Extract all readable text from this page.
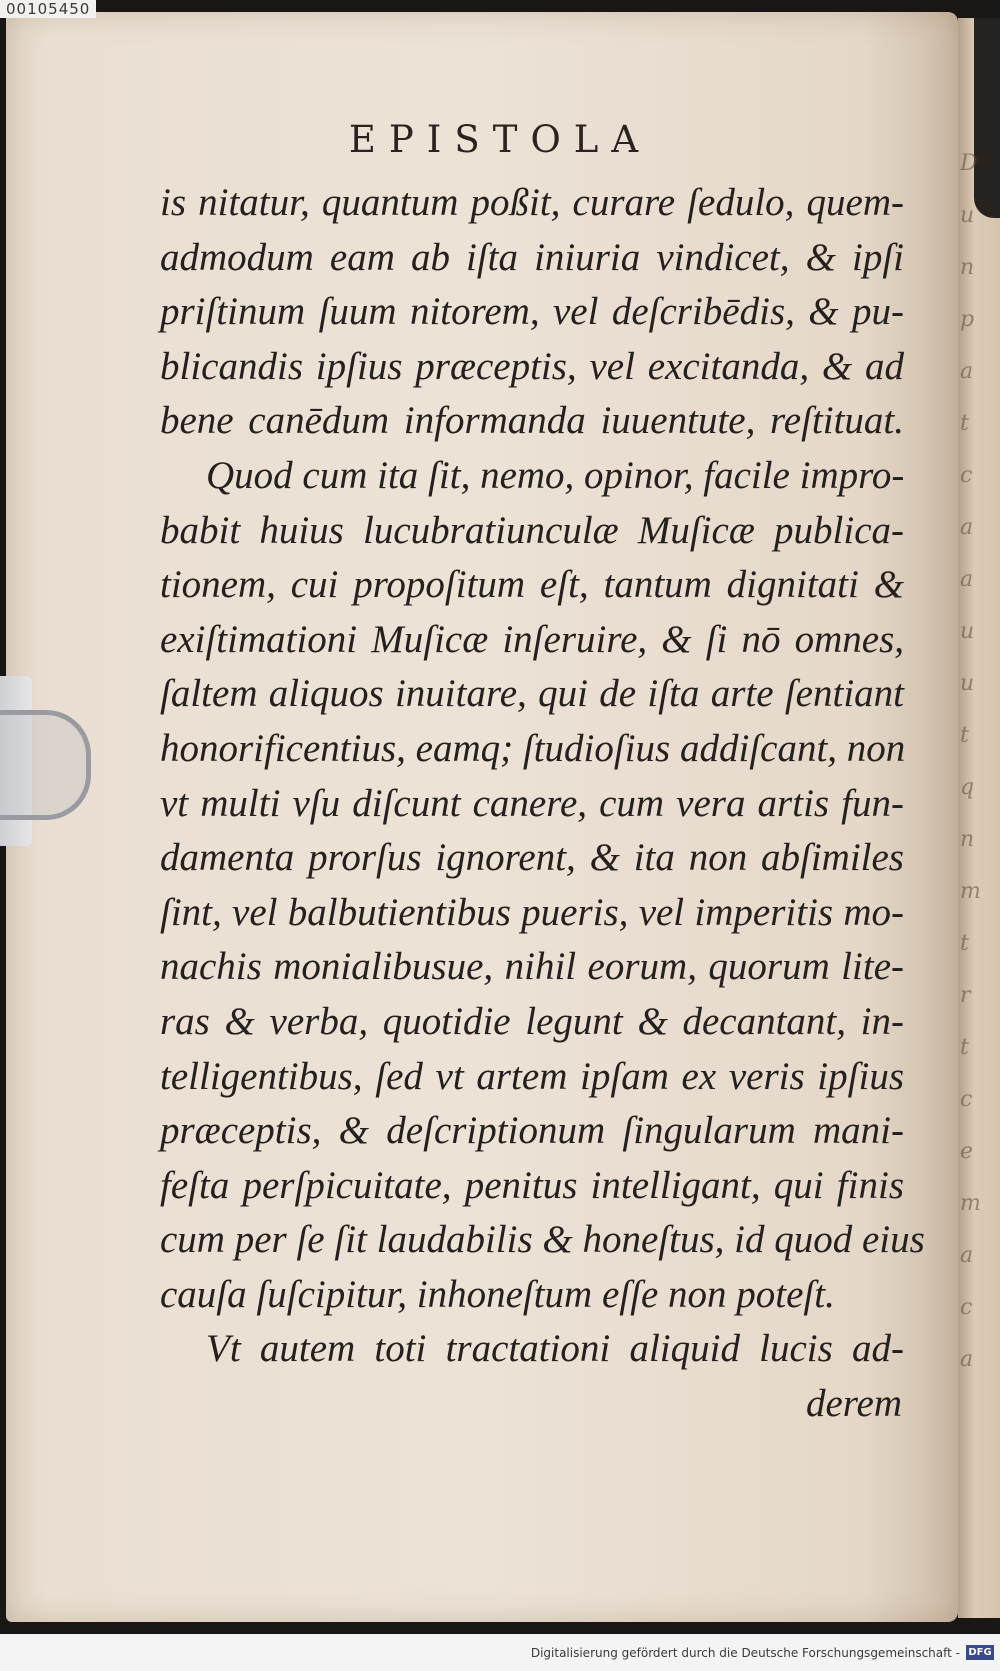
00105450
D
u
n
p
a
t
c
a
a
u
u
t
q
n
m
t
r
t
c
e
m
a
c
a
EPISTOLA
is nitatur, quantum poßit, curare ſedulo, quem-
admodum eam ab iſta iniuria vindicet, & ipſi
priſtinum ſuum nitorem, vel deſcribēdis, & pu-
blicandis ipſius præceptis, vel excitanda, & ad
bene canēdum informanda iuuentute, reſtituat.
Quod cum ita ſit, nemo, opinor, facile impro-
babit huius lucubratiunculæ Muſicæ publica-
tionem, cui propoſitum eſt, tantum dignitati &
exiſtimationi Muſicæ inſeruire, & ſi nō omnes,
ſaltem aliquos inuitare, qui de iſta arte ſentiant
honorificentius, eamq; ſtudioſius addiſcant, non
vt multi vſu diſcunt canere, cum vera artis fun-
damenta prorſus ignorent, & ita non abſimiles
ſint, vel balbutientibus pueris, vel imperitis mo-
nachis monialibusue, nihil eorum, quorum lite-
ras & verba, quotidie legunt & decantant, in-
telligentibus, ſed vt artem ipſam ex veris ipſius
præceptis, & deſcriptionum ſingularum mani-
feſta perſpicuitate, penitus intelligant, qui finis
cum per ſe ſit laudabilis & honeſtus, id quod eius
cauſa ſuſcipitur, inhoneſtum eſſe non poteſt.
Vt autem toti tractationi aliquid lucis ad-
derem
Digitalisierung gefördert durch die Deutsche Forschungsgemeinschaft - DFG
